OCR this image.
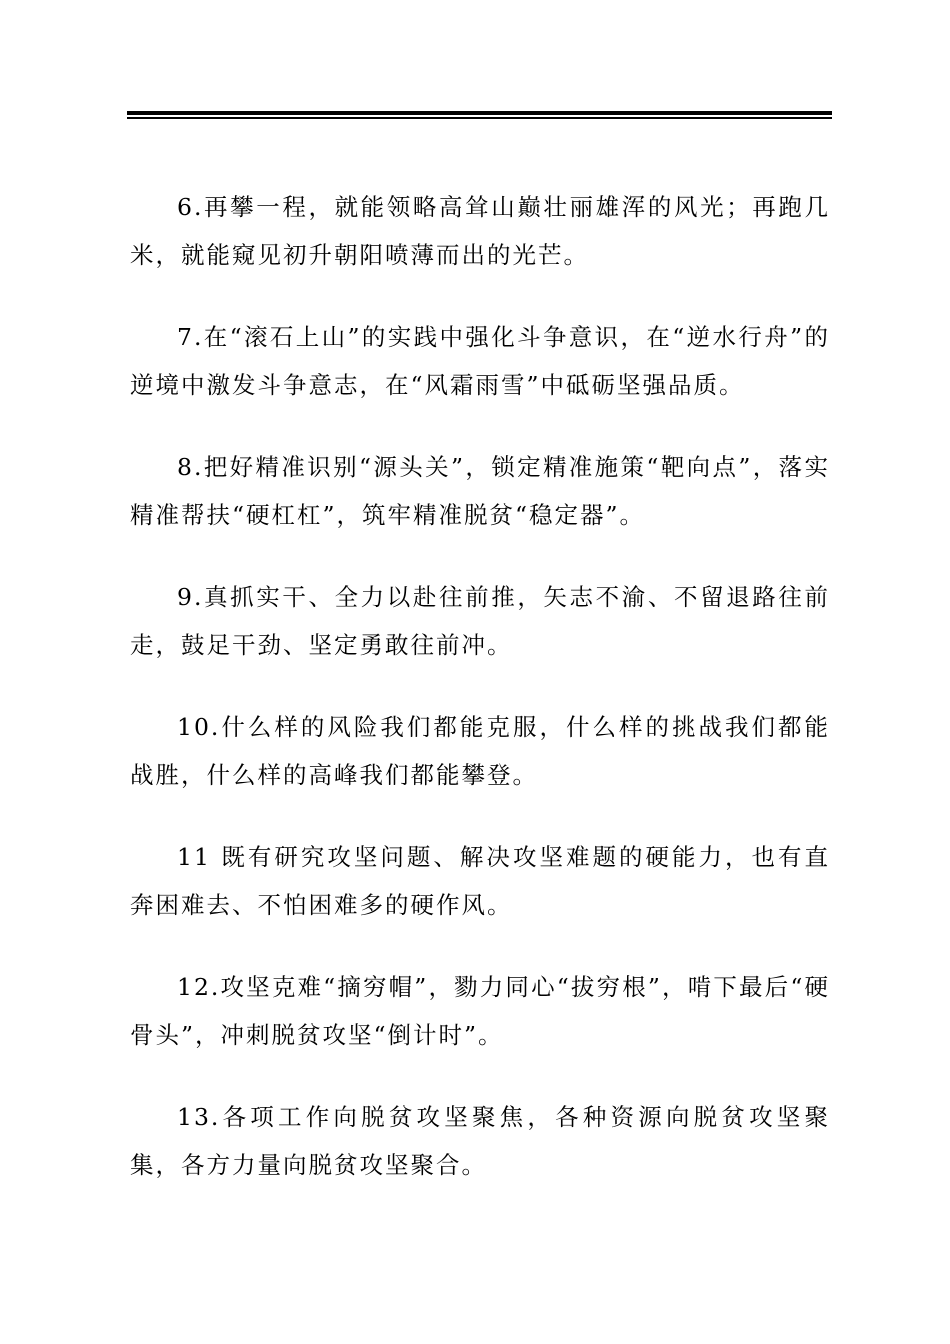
6.再攀一程，就能领略高耸山巅壮丽雄浑的风光；再跑几米，就能窥见初升朝阳喷薄而出的光芒。

7.在“滚石上山”的实践中强化斗争意识，在“逆水行舟”的逆境中激发斗争意志，在“风霜雨雪”中砥砺坚强品质。

8.把好精准识别“源头关”，锁定精准施策“靶向点”，落实精准帮扶“硬杠杠”，筑牢精准脱贫“稳定器”。

9.真抓实干、全力以赴往前推，矢志不渝、不留退路往前走，鼓足干劲、坚定勇敢往前冲。

10.什么样的风险我们都能克服，什么样的挑战我们都能战胜，什么样的高峰我们都能攀登。

11 既有研究攻坚问题、解决攻坚难题的硬能力，也有直奔困难去、不怕困难多的硬作风。

12.攻坚克难“摘穷帽”，勠力同心“拔穷根”，啃下最后“硬骨头”，冲刺脱贫攻坚“倒计时”。

13.各项工作向脱贫攻坚聚焦，各种资源向脱贫攻坚聚集，各方力量向脱贫攻坚聚合。
